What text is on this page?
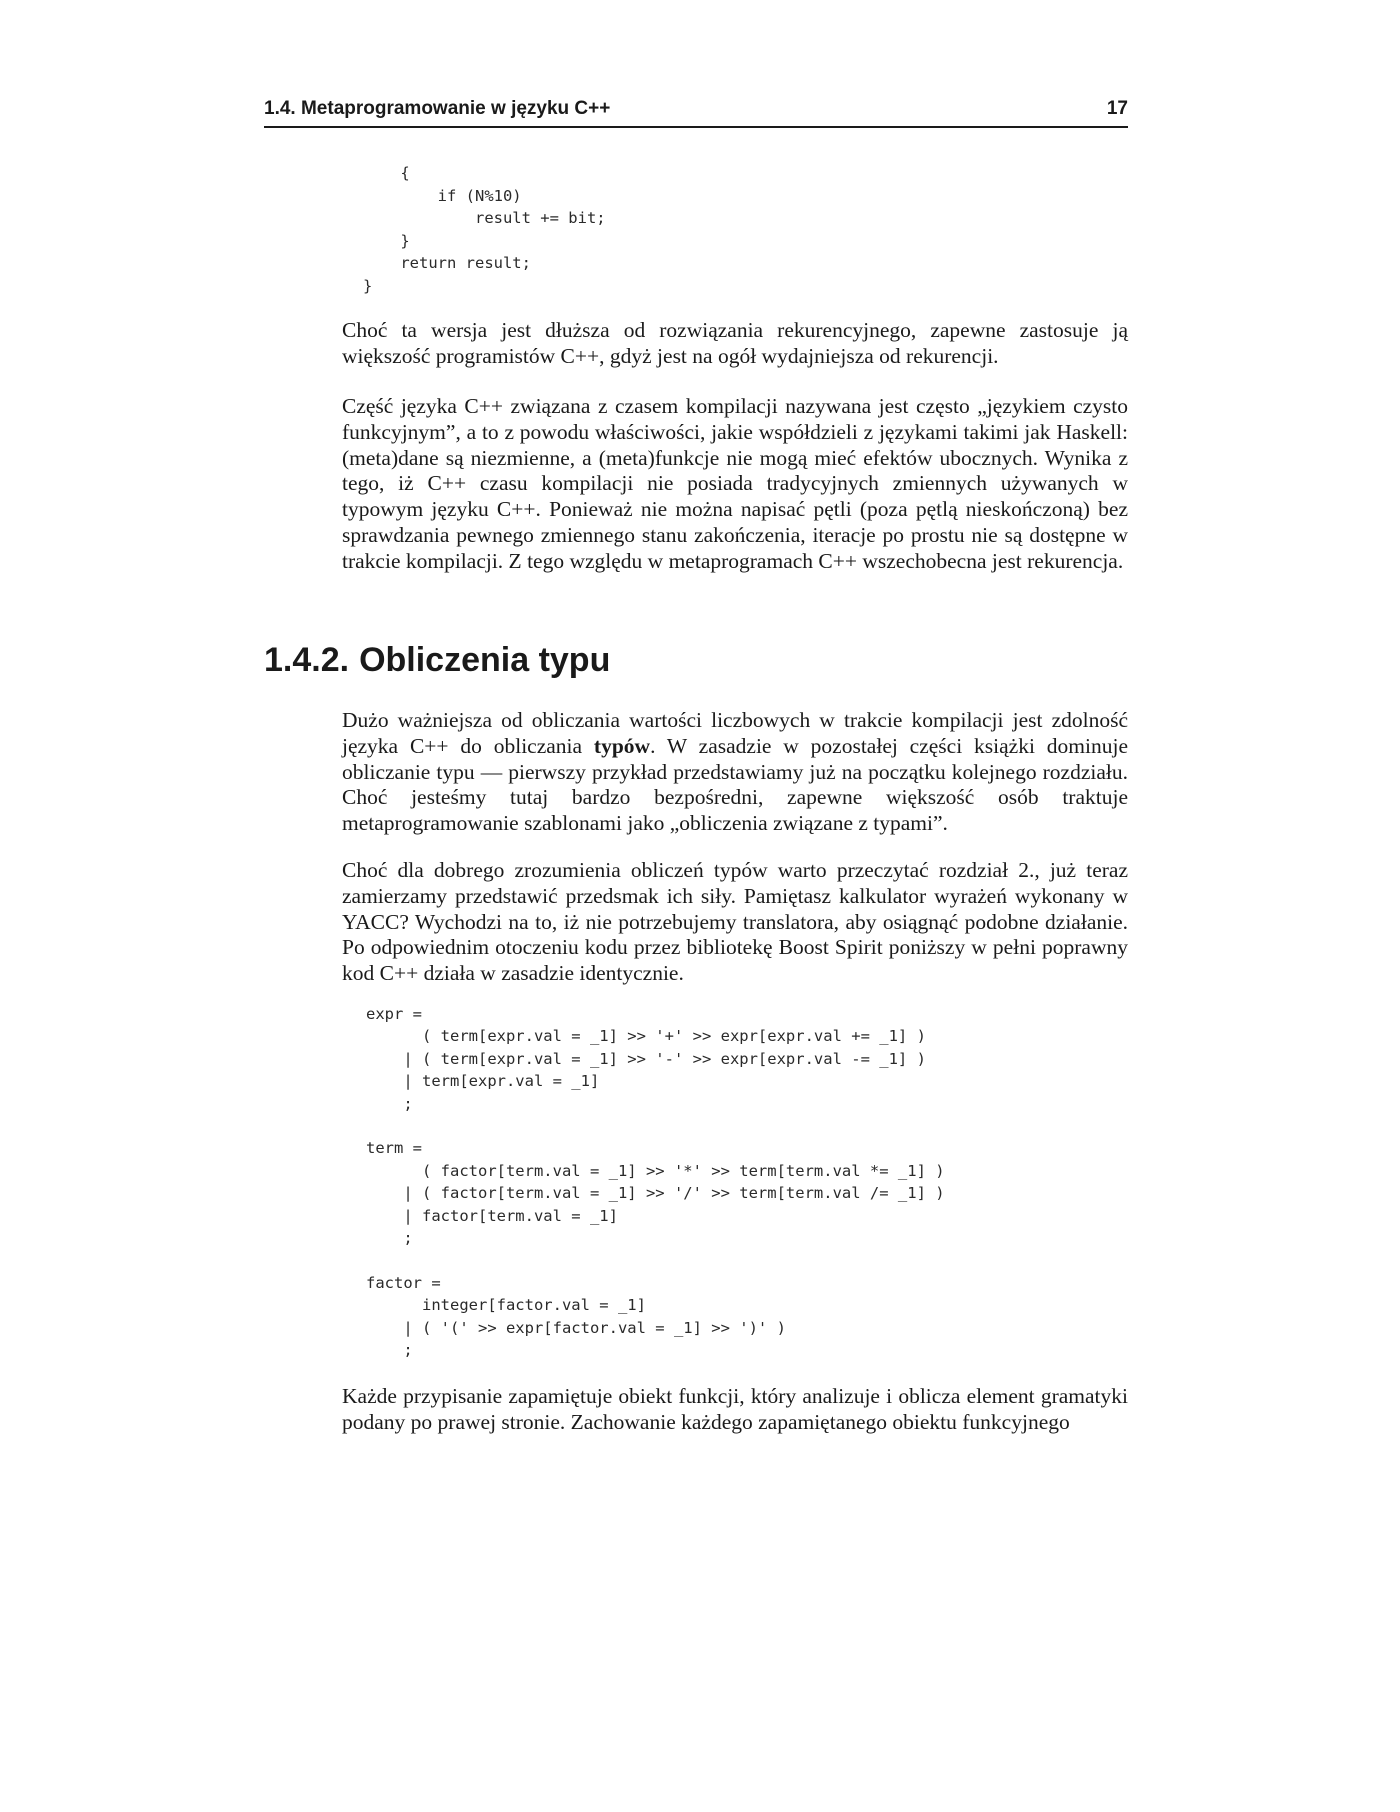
1.4. Metaprogramowanie w języku C++	17
{
if (N%10)
result += bit;
}
return result;
}

Choć ta wersja jest dłuższa od rozwiązania rekurencyjnego, zapewne zastosuje ją większość programistów C++, gdyż jest na ogół wydajniejsza od rekurencji.

Część języka C++ związana z czasem kompilacji nazywana jest często „językiem czysto funkcyjnym”, a to z powodu właściwości, jakie współdzieli z językami takimi jak Haskell: (meta)dane są niezmienne, a (meta)funkcje nie mogą mieć efektów ubocznych. Wynika z tego, iż C++ czasu kompilacji nie posiada tradycyjnych zmiennych używanych w typowym języku C++. Ponieważ nie można napisać pętli (poza pętlą nieskończoną) bez sprawdzania pewnego zmiennego stanu zakończenia, iteracje po prostu nie są dostępne w trakcie kompilacji. Z tego względu w metaprogramach C++ wszechobecna jest rekurencja.

1.4.2. Obliczenia typu

Dużo ważniejsza od obliczania wartości liczbowych w trakcie kompilacji jest zdolność języka C++ do obliczania typów. W zasadzie w pozostałej części książki dominuje obliczanie typu — pierwszy przykład przedstawiamy już na początku kolejnego rozdziału. Choć jesteśmy tutaj bardzo bezpośredni, zapewne większość osób traktuje metaprogramowanie szablonami jako „obliczenia związane z typami”.

Choć dla dobrego zrozumienia obliczeń typów warto przeczytać rozdział 2., już teraz zamierzamy przedstawić przedsmak ich siły. Pamiętasz kalkulator wyrażeń wykonany w YACC? Wychodzi na to, iż nie potrzebujemy translatora, aby osiągnąć podobne działanie. Po odpowiednim otoczeniu kodu przez bibliotekę Boost Spirit poniższy w pełni poprawny kod C++ działa w zasadzie identycznie.

expr =
( term[expr.val = _1] >> '+' >> expr[expr.val += _1] )
| ( term[expr.val = _1] >> '-' >> expr[expr.val -= _1] )
| term[expr.val = _1]
;

term =
( factor[term.val = _1] >> '*' >> term[term.val *= _1] )
| ( factor[term.val = _1] >> '/' >> term[term.val /= _1] )
| factor[term.val = _1]
;

factor =
integer[factor.val = _1]
| ( '(' >> expr[factor.val = _1] >> ')' )
;

Każde przypisanie zapamiętuje obiekt funkcji, który analizuje i oblicza element gramatyki podany po prawej stronie. Zachowanie każdego zapamiętanego obiektu funkcyjnego
